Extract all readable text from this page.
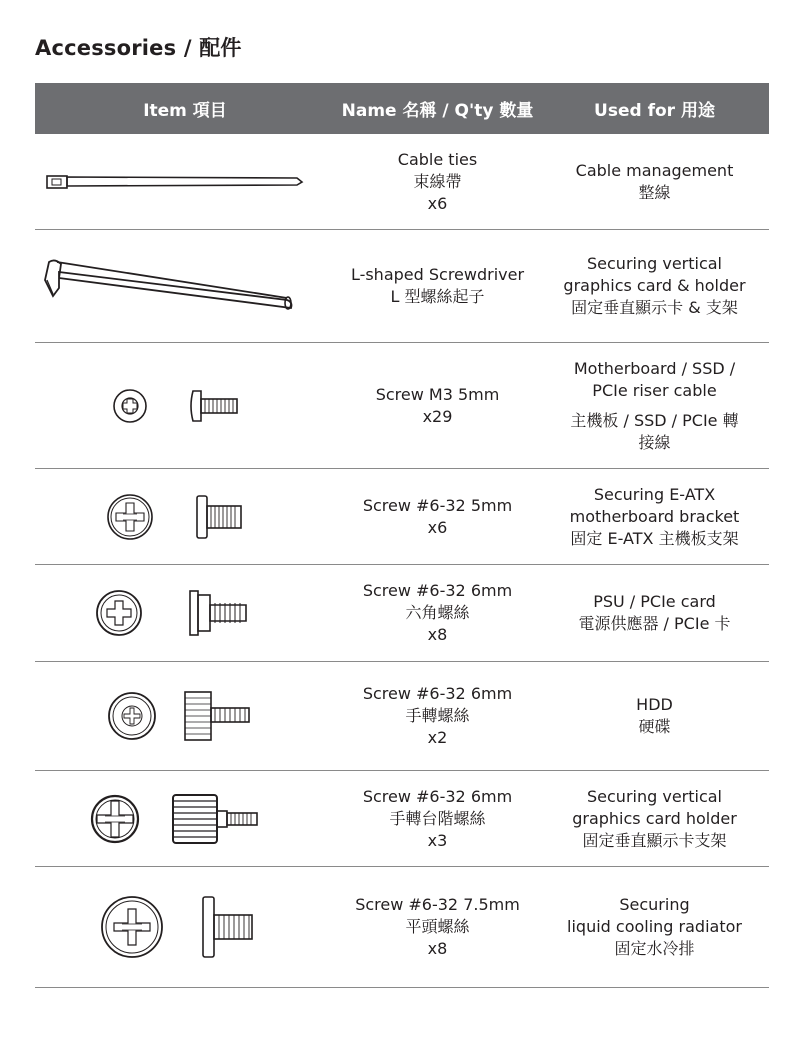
Accessories / 配件
Item 項目	Name 名稱 / Q'ty 數量	Used for 用途
Cable ties
束線帶
x6
Cable management
整線
L-shaped Screwdriver
L 型螺絲起子
Securing vertical
graphics card & holder
固定垂直顯示卡 & 支架
Screw M3 5mm
x29
Motherboard / SSD /
PCIe riser cable
主機板 / SSD / PCIe 轉
接線
Screw #6-32 5mm
x6
Securing E-ATX
motherboard bracket
固定 E-ATX 主機板支架
Screw #6-32 6mm
六角螺絲
x8
PSU / PCIe card
電源供應器 / PCIe 卡
Screw #6-32 6mm
手轉螺絲
x2
HDD
硬碟
Screw #6-32 6mm
手轉台階螺絲
x3
Securing vertical
graphics card holder
固定垂直顯示卡支架
Screw #6-32 7.5mm
平頭螺絲
x8
Securing
liquid cooling radiator
固定水冷排
